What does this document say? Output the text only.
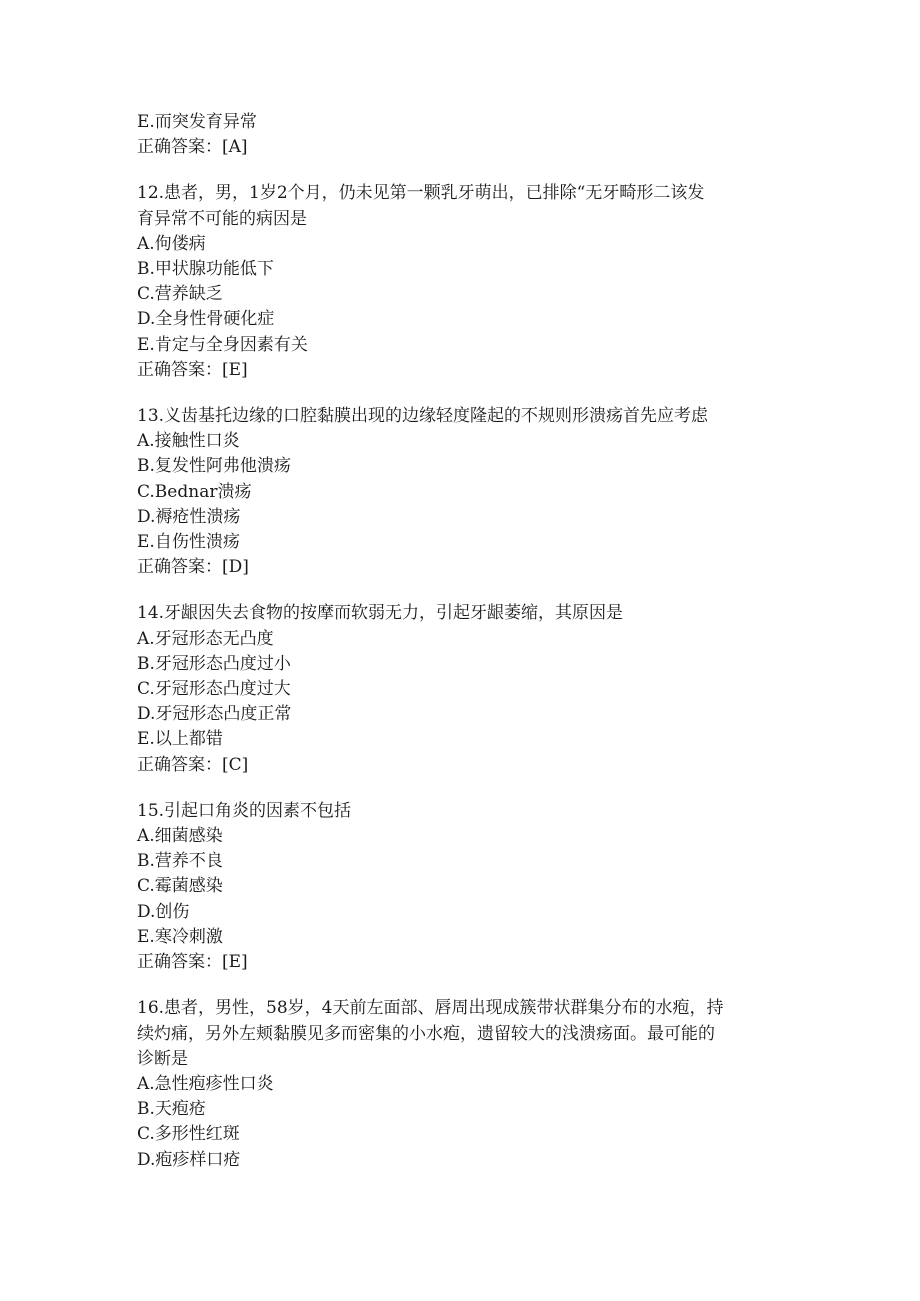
E.而突发育异常
正确答案：[A]
12.患者，男，1岁2个月，仍未见第一颗乳牙萌出，已排除“无牙畸形二该发
育异常不可能的病因是
A.佝偻病
B.甲状腺功能低下
C.营养缺乏
D.全身性骨硬化症
E.肯定与全身因素有关
正确答案：[E]
13.义齿基托边缘的口腔黏膜出现的边缘轻度隆起的不规则形溃疡首先应考虑
A.接触性口炎
B.复发性阿弗他溃疡
C.Bednar溃疡
D.褥疮性溃疡
E.自伤性溃疡
正确答案：[D]
14.牙龈因失去食物的按摩而软弱无力，引起牙龈萎缩，其原因是
A.牙冠形态无凸度
B.牙冠形态凸度过小
C.牙冠形态凸度过大
D.牙冠形态凸度正常
E.以上都错
正确答案：[C]
15.引起口角炎的因素不包括
A.细菌感染
B.营养不良
C.霉菌感染
D.创伤
E.寒冷刺激
正确答案：[E]
16.患者，男性，58岁，4天前左面部、唇周出现成簇带状群集分布的水疱，持
续灼痛，另外左颊黏膜见多而密集的小水疱，遗留较大的浅溃疡面。最可能的
诊断是
A.急性疱疹性口炎
B.天疱疮
C.多形性红斑
D.疱疹样口疮
